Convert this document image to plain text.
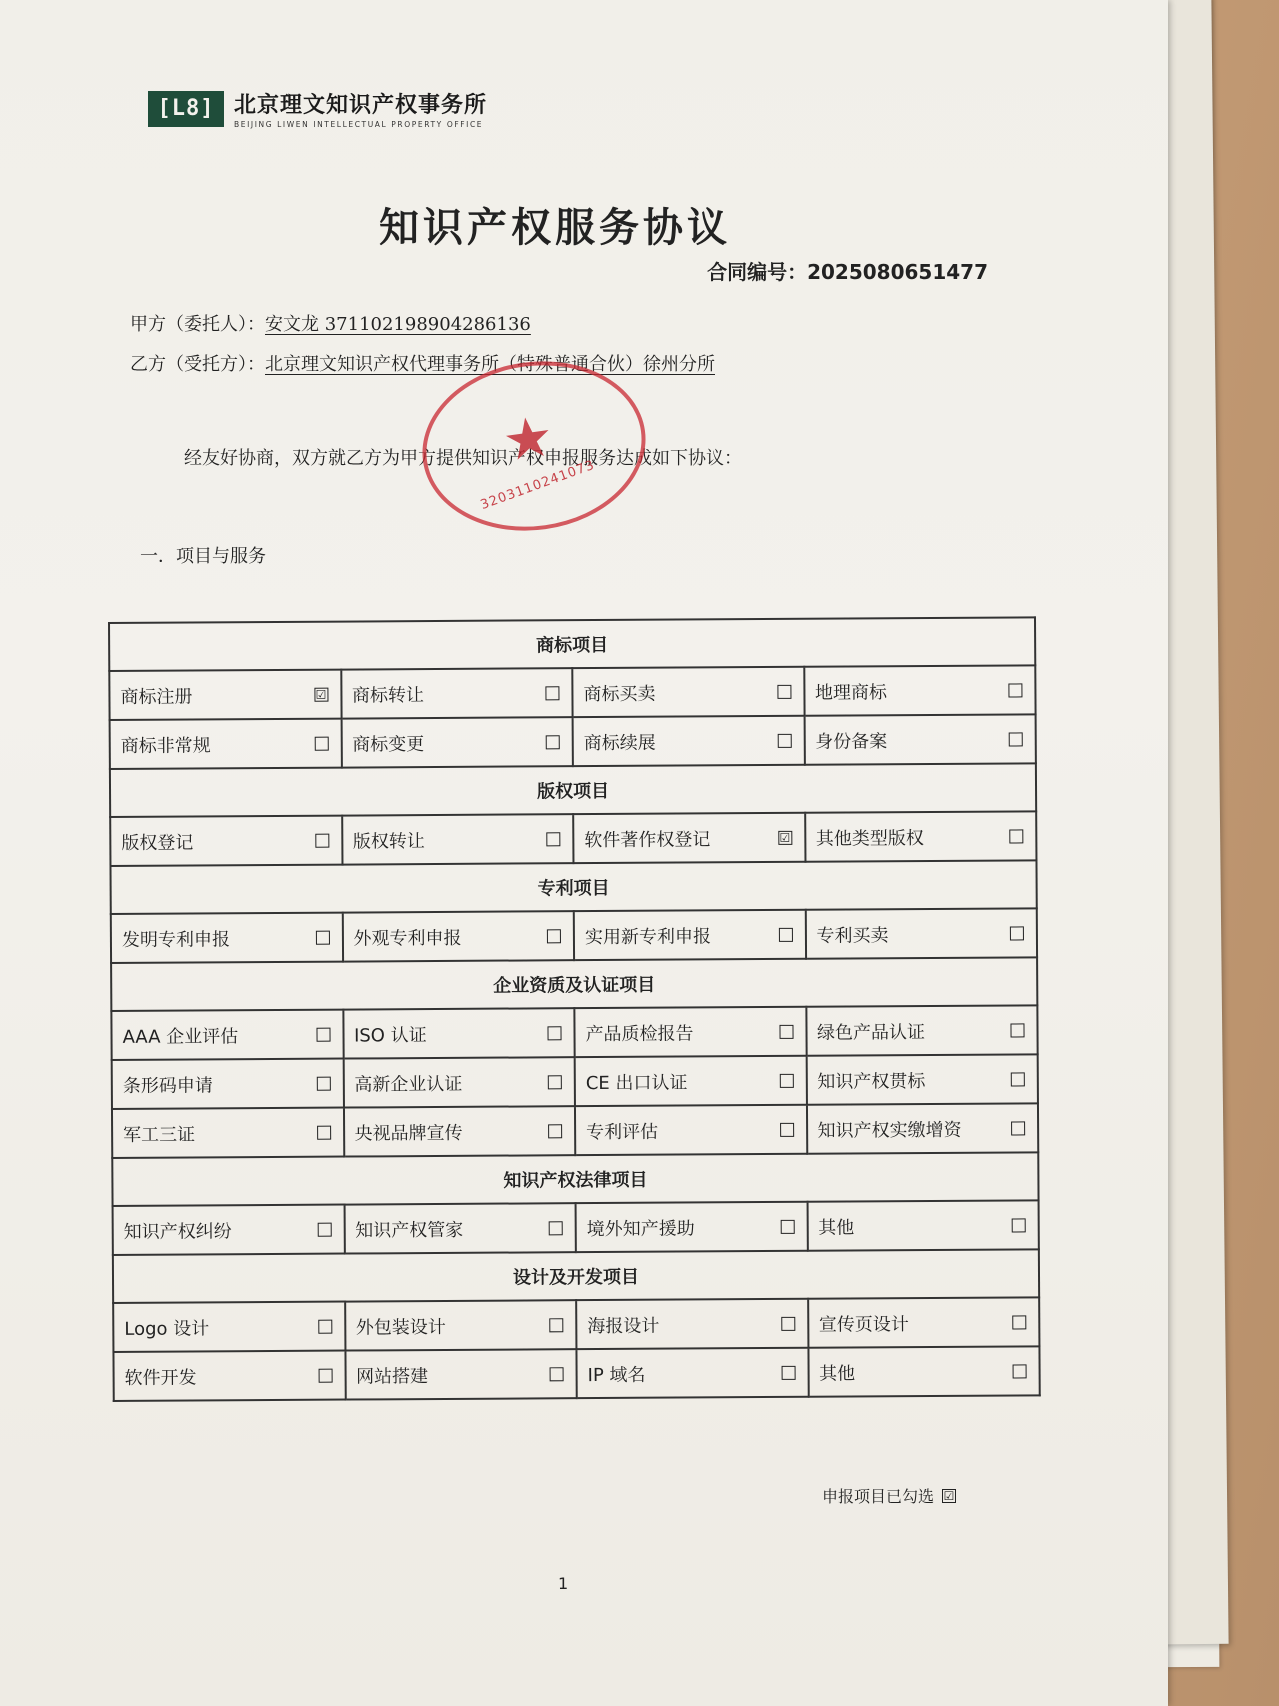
[L8] 北京理文知识产权事务所
BEIJING LIWEN INTELLECTUAL PROPERTY OFFICE
知识产权服务协议
合同编号：2025080651477
甲方（委托人）：安文龙 371102198904286136
乙方（受托方）：北京理文知识产权代理事务所（特殊普通合伙）徐州分所
经友好协商，双方就乙方为甲方提供知识产权申报服务达成如下协议：
一．项目与服务
★
3203110241073
商标项目			

商标注册 ☑	商标转让	商标买卖	地理商标

商标非常规	商标变更	商标续展	身份备案

版权项目			

版权登记	版权转让	软件著作权登记 ☑	其他类型版权

专利项目			

发明专利申报	外观专利申报	实用新专利申报	专利买卖

企业资质及认证项目			

AAA 企业评估	ISO 认证	产品质检报告	绿色产品认证

条形码申请	高新企业认证	CE 出口认证	知识产权贯标

军工三证	央视品牌宣传	专利评估	知识产权实缴增资

知识产权法律项目			

知识产权纠纷	知识产权管家	境外知产援助	其他

设计及开发项目			

Logo 设计	外包装设计	海报设计	宣传页设计

软件开发	网站搭建	IP 域名	其他
申报项目已勾选 ☑
1
